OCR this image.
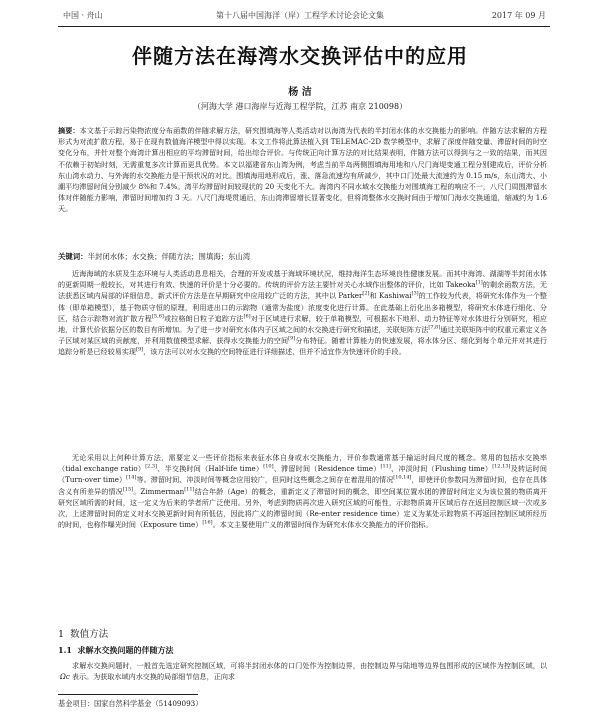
中国 · 舟山	第十八届中国海洋（岸）工程学术讨论会论文集	2017 年 09 月
伴随方法在海湾水交换评估中的应用
杨 洁
（河海大学 港口海岸与近海工程学院，江苏 南京 210098）
摘要：本文基于示踪污染物浓度分布函数的伴随求解方法，研究围填海等人类活动对以海湾为代表的半封闭水体的水交换能力的影响。伴随方法求解的方程形式为对流扩散方程，易于在现有数值海洋模型中得以实现。本文工作将此算法植入到 TELEMAC-2D 数学模型中，求解了深度伴随变量、滞留时间的时空变化分布，并针对整个海湾计算出相应的平均滞留时间，给出综合评价。与传统正向计算方法的对比结果表明，伴随方法可以得到与之一致的结果，而其因不依赖于初始时刻，无需重复多次计算而更具优势。本文以福建省东山湾为例，考虑当前半岛两侧围填海用地和八尺门海堤变通工程分别建成后，评价分析东山湾水动力、与外海的水交换能力是干预状况的对比。围填海用地形成后，涨、落急流速均有所减少，其中口门处最大流速约为 0.15 m/s，东山湾大、小潮平均滞留时间分别减少 8%和 7.4%。湾平均滞留时间较现状的 20 天变化不大。海湾内不同水域水交换能力对围填海工程的响应不一，八尺门周围滞留水体对伴随能力影响，滞留时间增加约 3 天。八尺门海堤贯通后，东山湾滞留增长显著变化，但将湾整体水交换时间由于增加门海水交换通道，缩减约为 1.6 天。
关键词：半封闭水体；水交换；伴随方法；围填海；东山湾
近海海域的水质及生态环境与人类活动息息相关，合理的开发或基于海域环境状况，维持海洋生态环境良性健康发展。而其中海湾、湖湖等半封闭水体的更新周期一般较长，对其进行有效、快速的评价是十分必要的。传统的评价方法主要针对关心水域作出整体的评价，比如 Takeoka[1]的剩余函数方法，无法获悉区域内局部的详细信息，新式评价方法是在早期研究中应用较广泛的方法，其中以 Parker[2]和 Kashiwai[3]的工作较为代表，将研究水体作为一个整体（即单箱模型），基于物质守恒的原理，利用进出口的示踪物（通常为盐度）浓度变化进行计算。在此基础上衍化出多箱模型，将研究水体进行细化、分区，结合示踪物对流扩散方程[5,6]或拉格朗日粒子追踪方法[6]对于区域进行求解，较于单箱模型，可根据水下地形、动力特征等对水体进行分别研究，相应地，计算代价依据分区的数目有所增加。为了进一步对研究水体内子区域之间的水交换进行研究和描述，关联矩阵方法[7,8]通过关联矩阵中的权重元素定义各子区域对某区域的贡献度，并利用数值模型求解、获得水交换能力的空间[9]分布特征。随着计算能力的快速发展，将水体分区、细化到每个单元并对其进行追踪分析是已经较易实现[9]，该方法可以对水交换的空间特征进行详细描述，但并不适宜作为快速评价的手段。
无论采用以上何种计算方法，需要定义一些评价指标来表征水体自身或水交换能力，评价参数通常基于输运时间尺度的概念。常用的包括水交换率（tidal exchange ratio）[2,3]、半交换时间（Half-life time）[10]、滞留时间（Residence time）[11]、冲淡时间（Flushing time）[12,13]及转运时间（Turn-over time）[14]等。滞留时间、冲淡时间等概念应用较广，但同时这些概念之间存在着混用的情况[10,14]，即使评价参数同为滞留时间，也存在具体含义有所差异的情况[15]。Zimmerman[11]结合年龄（Age）的概念，重新定义了滞留时间的概念，即空间某位置水团的滞留时间定义为该位置的物质离开研究区域所需的时间，这一定义为后来的学者所广泛使用。另外，考虑到物质再次进入研究区域的可能性，示踪物质离开区域后存在返回控制区域一次或多次，上述滞留时间的定义对水交换更新时间有所低估，因此将广义的滞留时间（Re-enter residence time）定义为某处示踪物质不再返回控制区域所经历的时间，也称作曝光时间（Exposure time）[16]。本文主要使用广义的滞留时间作为研究水体水交换能力的评价指标。
1 数值方法
1.1 求解水交换问题的伴随方法
求解水交换问题时，一般首先选定研究控制区域，可将半封闭水体的口门处作为控制边界，由控制边界与陆地等边界包围形成的区域作为控制区域，以Ωc 表示。为获取水域内水交换的局部细节信息，正向求
基金项目：国家自然科学基金（51409093）
